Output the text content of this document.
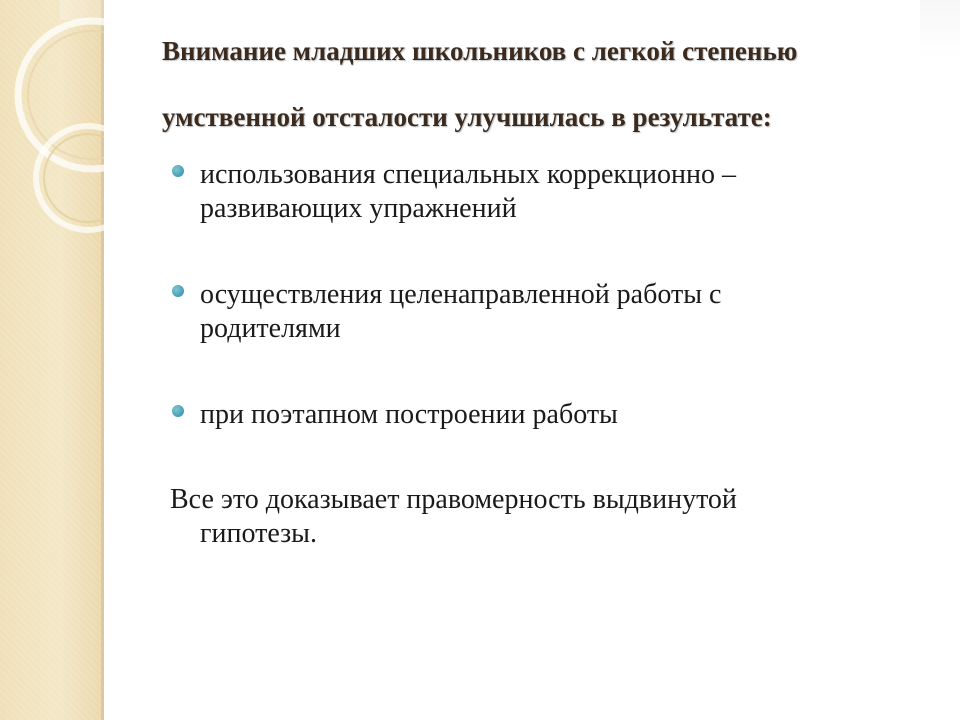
Внимание младших школьников с легкой степенью
умственной отсталости улучшилась в результате:
использования специальных коррекционно –
развивающих упражнений
осуществления целенаправленной работы с
родителями
при поэтапном построении работы
Все это доказывает правомерность выдвинутой
гипотезы.
